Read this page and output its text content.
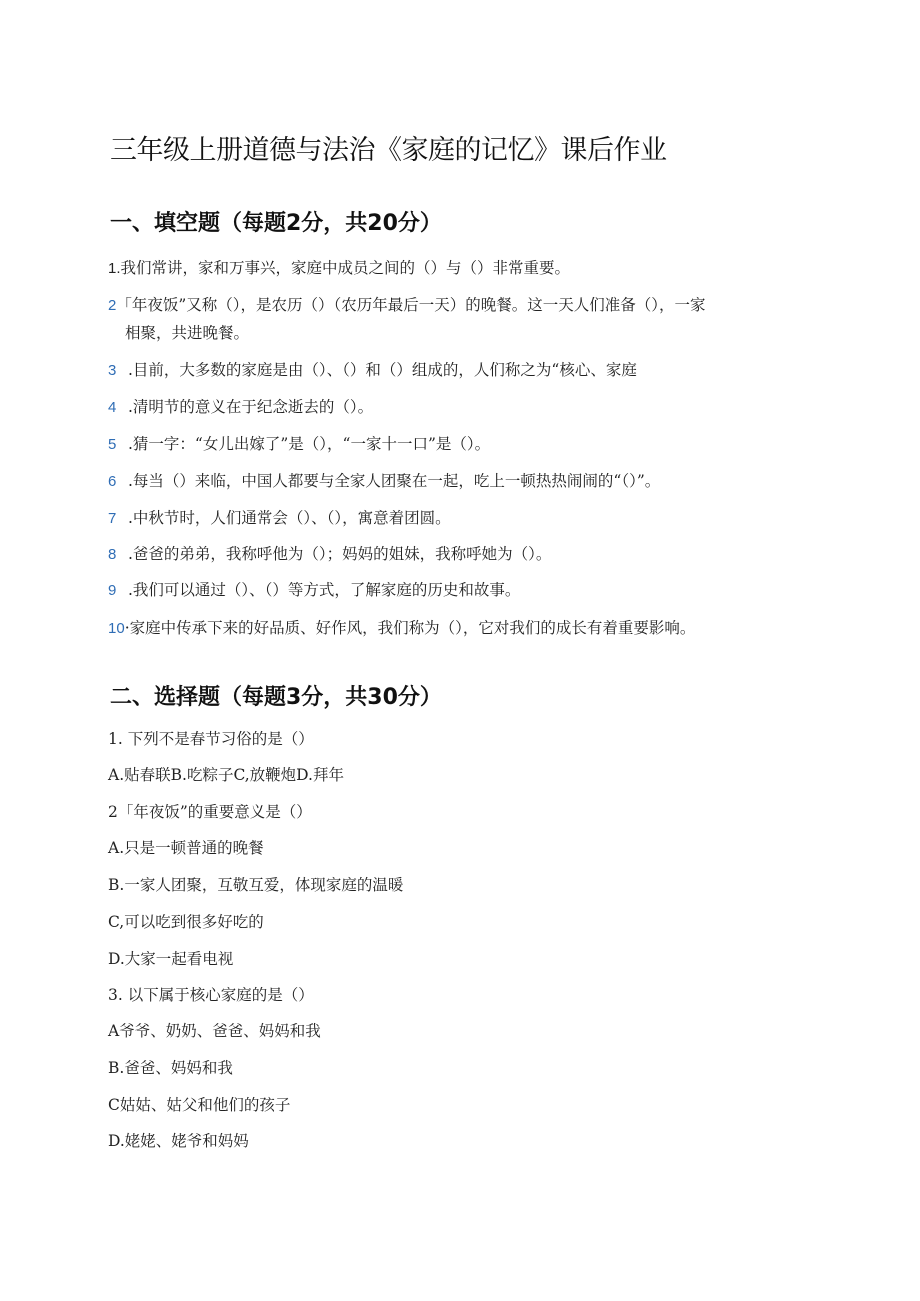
三年级上册道德与法治《家庭的记忆》课后作业
一、填空题（每题2分，共20分）
1.我们常讲，家和万事兴，家庭中成员之间的（）与（）非常重要。
2「年夜饭”又称（），是农历（）（农历年最后一天）的晚餐。这一天人们准备（），一家
相聚，共进晚餐。
3 .目前，大多数的家庭是由（）、（）和（）组成的，人们称之为“核心、家庭
4 .清明节的意义在于纪念逝去的（）。
5 .猜一字：“女儿出嫁了”是（），“一家十一口”是（）。
6 .每当（）来临，中国人都要与全家人团聚在一起，吃上一顿热热闹闹的“（）”。
7 .中秋节时，人们通常会（）、（），寓意着团圆。
8 .爸爸的弟弟，我称呼他为（）；妈妈的姐妹，我称呼她为（）。
9 .我们可以通过（）、（）等方式，了解家庭的历史和故事。
10·家庭中传承下来的好品质、好作风，我们称为（），它对我们的成长有着重要影响。
二、选择题（每题3分，共30分）
1. 下列不是春节习俗的是（）
A.贴春联B.吃粽子C,放鞭炮D.拜年
2「年夜饭”的重要意义是（）
A.只是一顿普通的晚餐
B.一家人团聚，互敬互爱，体现家庭的温暖
C,可以吃到很多好吃的
D.大家一起看电视
3. 以下属于核心家庭的是（）
A爷爷、奶奶、爸爸、妈妈和我
B.爸爸、妈妈和我
C姑姑、姑父和他们的孩子
D.姥姥、姥爷和妈妈
